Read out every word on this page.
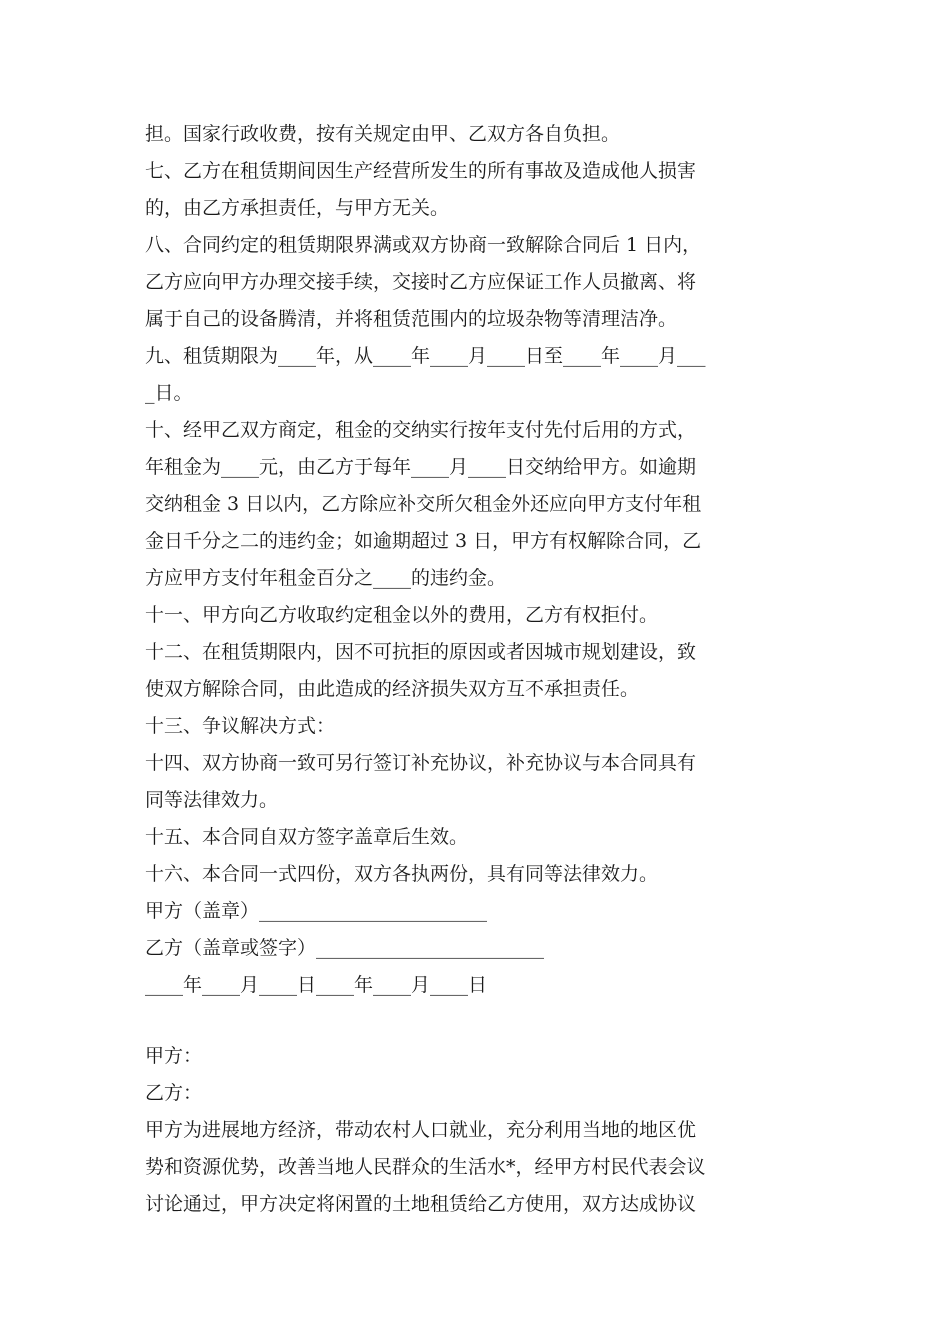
担。国家行政收费，按有关规定由甲、乙双方各自负担。
七、乙方在租赁期间因生产经营所发生的所有事故及造成他人损害
的，由乙方承担责任，与甲方无关。
八、合同约定的租赁期限界满或双方协商一致解除合同后 1 日内，
乙方应向甲方办理交接手续，交接时乙方应保证工作人员撤离、将
属于自己的设备腾清，并将租赁范围内的垃圾杂物等清理洁净。
九、租赁期限为____年，从____年____月____日至____年____月___
_日。
十、经甲乙双方商定，租金的交纳实行按年支付先付后用的方式，
年租金为____元，由乙方于每年____月____日交纳给甲方。如逾期
交纳租金 3 日以内，乙方除应补交所欠租金外还应向甲方支付年租
金日千分之二的违约金；如逾期超过 3 日，甲方有权解除合同，乙
方应甲方支付年租金百分之____的违约金。
十一、甲方向乙方收取约定租金以外的费用，乙方有权拒付。
十二、在租赁期限内，因不可抗拒的原因或者因城市规划建设，致
使双方解除合同，由此造成的经济损失双方互不承担责任。
十三、争议解决方式：
十四、双方协商一致可另行签订补充协议，补充协议与本合同具有
同等法律效力。
十五、本合同自双方签字盖章后生效。
十六、本合同一式四份，双方各执两份，具有同等法律效力。
甲方（盖章）________________________
乙方（盖章或签字）________________________
____年____月____日____年____月____日
甲方：
乙方：
甲方为进展地方经济，带动农村人口就业，充分利用当地的地区优
势和资源优势，改善当地人民群众的生活水*，经甲方村民代表会议
讨论通过，甲方决定将闲置的土地租赁给乙方使用，双方达成协议
